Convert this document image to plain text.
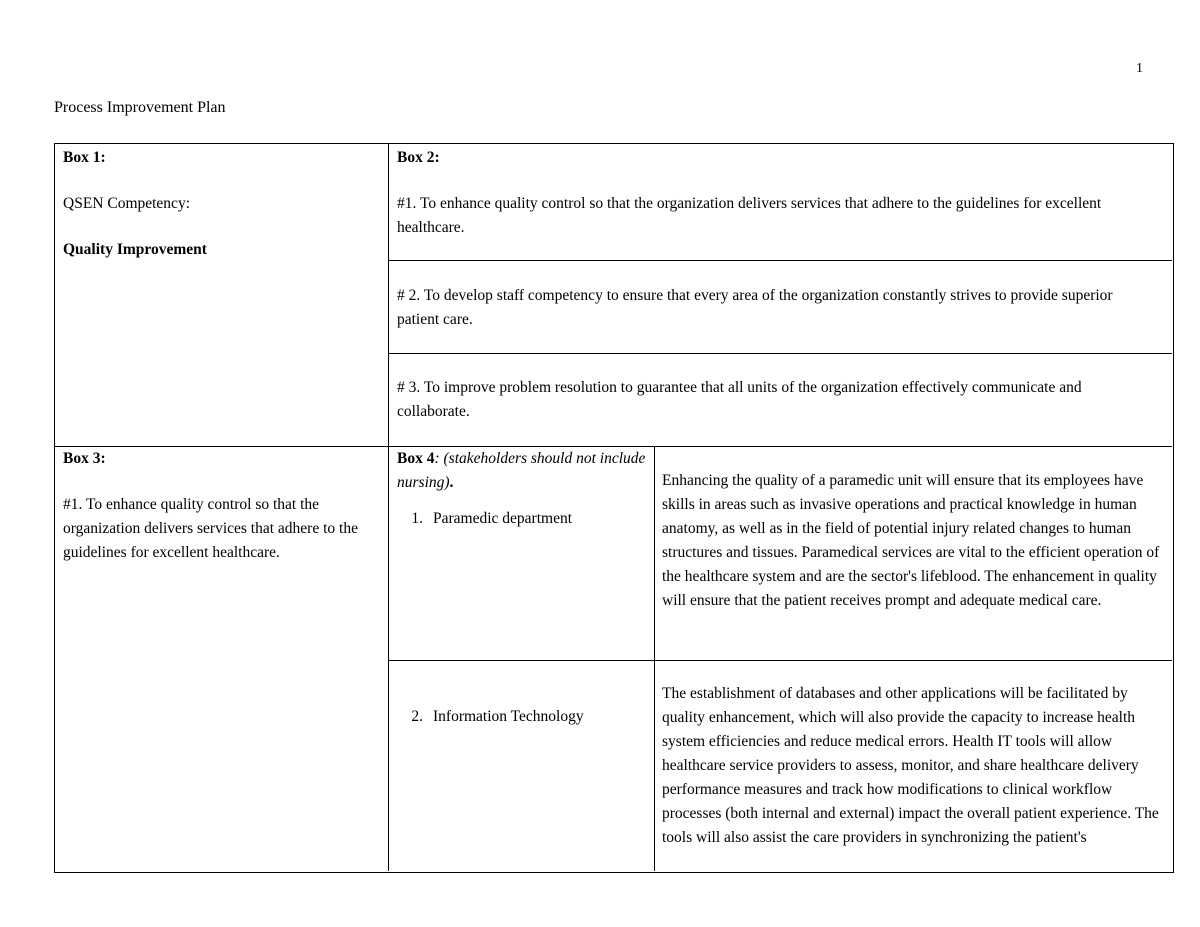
1
Process Improvement Plan

Box 1:

QSEN Competency:

Quality Improvement

Box 2:

#1. To enhance quality control so that the organization delivers services that adhere to the guidelines for excellent healthcare.

# 2. To develop staff competency to ensure that every area of the organization constantly strives to provide superior patient care.

# 3. To improve problem resolution to guarantee that all units of the organization effectively communicate and collaborate.

Box 3:

#1. To enhance quality control so that the organization delivers services that adhere to the guidelines for excellent healthcare.

Box 4: (stakeholders should not include nursing).

1. Paramedic department

Enhancing the quality of a paramedic unit will ensure that its employees have skills in areas such as invasive operations and practical knowledge in human anatomy, as well as in the field of potential injury related changes to human structures and tissues. Paramedical services are vital to the efficient operation of the healthcare system and are the sector's lifeblood. The enhancement in quality will ensure that the patient receives prompt and adequate medical care.

2. Information Technology

The establishment of databases and other applications will be facilitated by quality enhancement, which will also provide the capacity to increase health system efficiencies and reduce medical errors. Health IT tools will allow healthcare service providers to assess, monitor, and share healthcare delivery performance measures and track how modifications to clinical workflow processes (both internal and external) impact the overall patient experience. The tools will also assist the care providers in synchronizing the patient's
